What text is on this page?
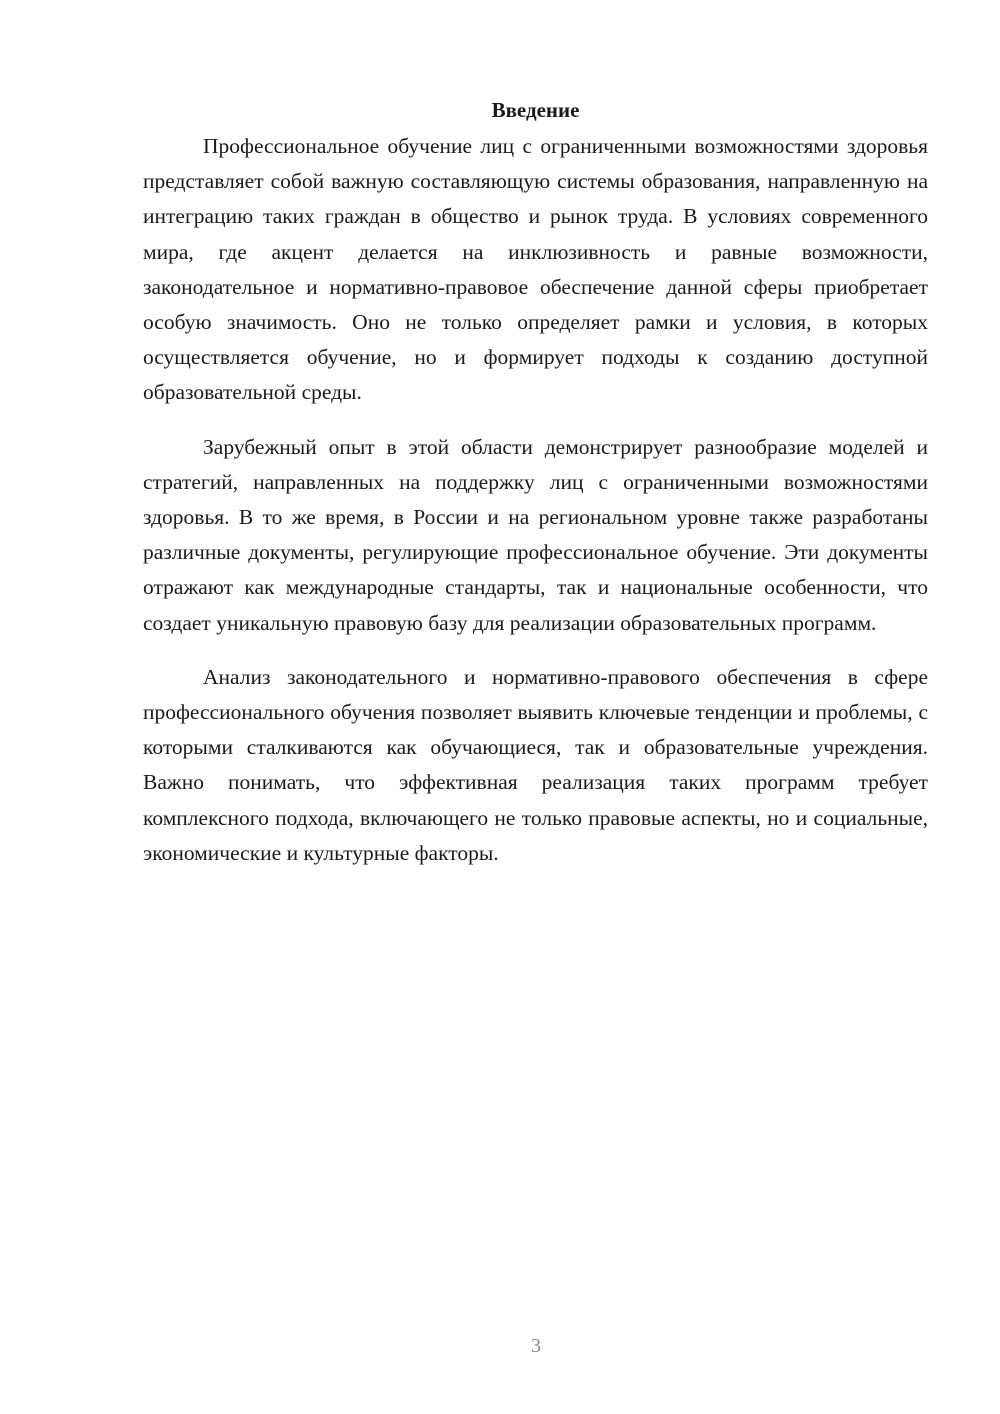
Введение

Профессиональное обучение лиц с ограниченными возможностями здоровья представляет собой важную составляющую системы образования, направленную на интеграцию таких граждан в общество и рынок труда. В условиях современного мира, где акцент делается на инклюзивность и равные возможности, законодательное и нормативно-правовое обеспечение данной сферы приобретает особую значимость. Оно не только определяет рамки и условия, в которых осуществляется обучение, но и формирует подходы к созданию доступной образовательной среды.

Зарубежный опыт в этой области демонстрирует разнообразие моделей и стратегий, направленных на поддержку лиц с ограниченными возможностями здоровья. В то же время, в России и на региональном уровне также разработаны различные документы, регулирующие профессиональное обучение. Эти документы отражают как международные стандарты, так и национальные особенности, что создает уникальную правовую базу для реализации образовательных программ.

Анализ законодательного и нормативно-правового обеспечения в сфере профессионального обучения позволяет выявить ключевые тенденции и проблемы, с которыми сталкиваются как обучающиеся, так и образовательные учреждения. Важно понимать, что эффективная реализация таких программ требует комплексного подхода, включающего не только правовые аспекты, но и социальные, экономические и культурные факторы.

3
